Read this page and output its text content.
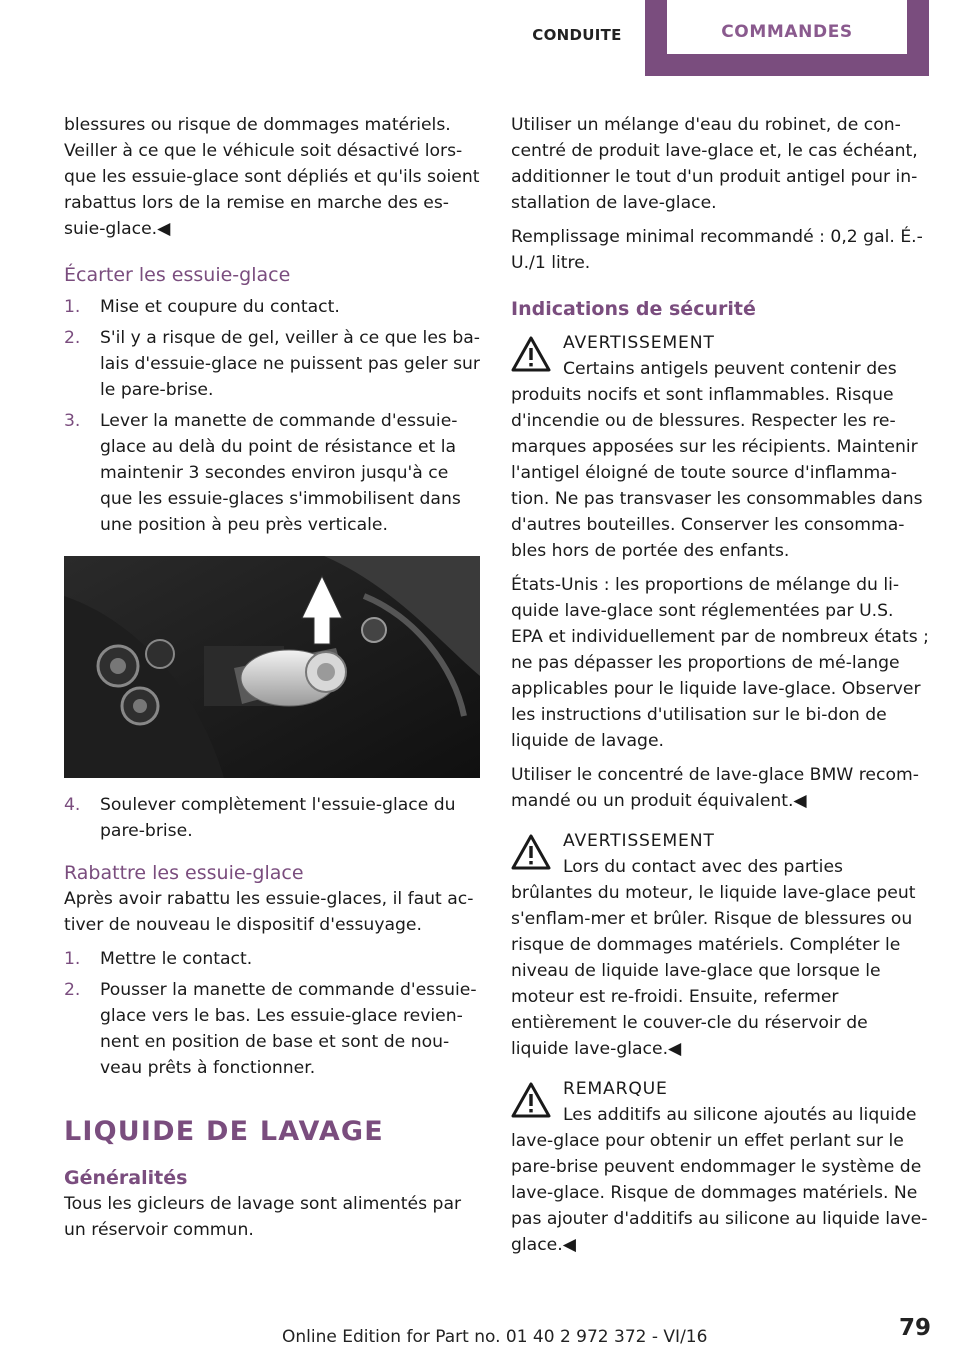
CONDUITE	COMMANDES

blessures ou risque de dommages matériels. Veiller à ce que le véhicule soit désactivé lors-que les essuie-glace sont dépliés et qu'ils soient rabattus lors de la remise en marche des es-suie-glace.◀

Écarter les essuie-glace
1. Mise et coupure du contact.
2. S'il y a risque de gel, veiller à ce que les ba-lais d'essuie-glace ne puissent pas geler sur le pare-brise.
3. Lever la manette de commande d'essuie-glace au delà du point de résistance et la maintenir 3 secondes environ jusqu'à ce que les essuie-glaces s'immobilisent dans une position à peu près verticale.
4. Soulever complètement l'essuie-glace du pare-brise.
Rabattre les essuie-glace

Après avoir rabattu les essuie-glaces, il faut ac-tiver de nouveau le dispositif d'essuyage.

1. Mettre le contact.
2. Pousser la manette de commande d'essuie-glace vers le bas. Les essuie-glace revien-nent en position de base et sont de nou-veau prêts à fonctionner.
LIQUIDE DE LAVAGE
Généralités

Tous les gicleurs de lavage sont alimentés par un réservoir commun.

Utiliser un mélange d'eau du robinet, de con-centré de produit lave-glace et, le cas échéant, additionner le tout d'un produit antigel pour in-stallation de lave-glace.

Remplissage minimal recommandé : 0,2 gal. É.-U./1 litre.

Indications de sécurité
AVERTISSEMENT
Certains antigels peuvent contenir des produits nocifs et sont inflammables. Risque d'incendie ou de blessures. Respecter les re-marques apposées sur les récipients. Maintenir l'antigel éloigné de toute source d'inflamma-tion. Ne pas transvaser les consommables dans d'autres bouteilles. Conserver les consomma-bles hors de portée des enfants.

États-Unis : les proportions de mélange du li-quide lave-glace sont réglementées par U.S. EPA et individuellement par de nombreux états ; ne pas dépasser les proportions de mé-lange applicables pour le liquide lave-glace. Observer les instructions d'utilisation sur le bi-don de liquide de lavage.

Utiliser le concentré de lave-glace BMW recom-mandé ou un produit équivalent.◀

AVERTISSEMENT
Lors du contact avec des parties brûlantes du moteur, le liquide lave-glace peut s'enflam-mer et brûler. Risque de blessures ou risque de dommages matériels. Compléter le niveau de liquide lave-glace que lorsque le moteur est re-froidi. Ensuite, refermer entièrement le couver-cle du réservoir de liquide lave-glace.◀
REMARQUE
Les additifs au silicone ajoutés au liquide lave-glace pour obtenir un effet perlant sur le pare-brise peuvent endommager le système de lave-glace. Risque de dommages matériels. Ne pas ajouter d'additifs au silicone au liquide lave-glace.◀
Online Edition for Part no. 01 40 2 972 372 - VI/16	79
